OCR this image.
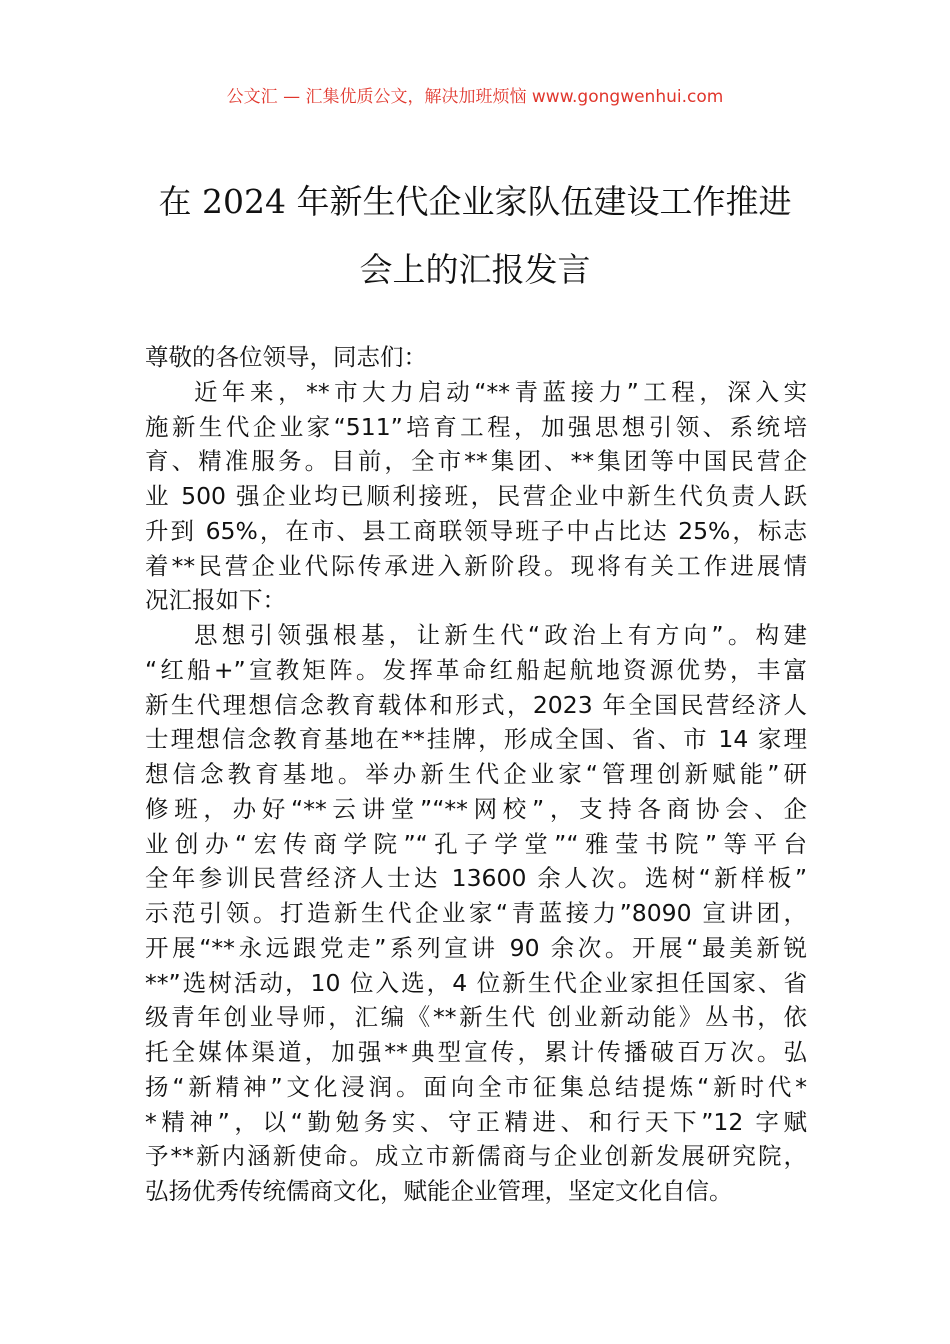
公文汇 — 汇集优质公文，解决加班烦恼 www.gongwenhui.com
在 2024 年新生代企业家队伍建设工作推进
会上的汇报发言
尊敬的各位领导，同志们：
近年来，**市大力启动“**青蓝接力”工程，深入实
施新生代企业家“511”培育工程，加强思想引领、系统培
育、精准服务。目前，全市**集团、**集团等中国民营企
业 500 强企业均已顺利接班，民营企业中新生代负责人跃
升到 65%，在市、县工商联领导班子中占比达 25%，标志
着**民营企业代际传承进入新阶段。现将有关工作进展情
况汇报如下：
思想引领强根基，让新生代“政治上有方向”。构建
“红船+”宣教矩阵。发挥革命红船起航地资源优势，丰富
新生代理想信念教育载体和形式，2023 年全国民营经济人
士理想信念教育基地在**挂牌，形成全国、省、市 14 家理
想信念教育基地。举办新生代企业家“管理创新赋能”研
修班，办好“**云讲堂”“**网校”，支持各商协会、企
业创办“宏传商学院”“孔子学堂”“雅莹书院”等平台
全年参训民营经济人士达 13600 余人次。选树“新样板”
示范引领。打造新生代企业家“青蓝接力”8090 宣讲团，
开展“**永远跟党走”系列宣讲 90 余次。开展“最美新锐
**”选树活动，10 位入选，4 位新生代企业家担任国家、省
级青年创业导师，汇编《**新生代 创业新动能》丛书，依
托全媒体渠道，加强**典型宣传，累计传播破百万次。弘
扬“新精神”文化浸润。面向全市征集总结提炼“新时代*
*精神”，以“勤勉务实、守正精进、和行天下”12 字赋
予**新内涵新使命。成立市新儒商与企业创新发展研究院，
弘扬优秀传统儒商文化，赋能企业管理，坚定文化自信。
